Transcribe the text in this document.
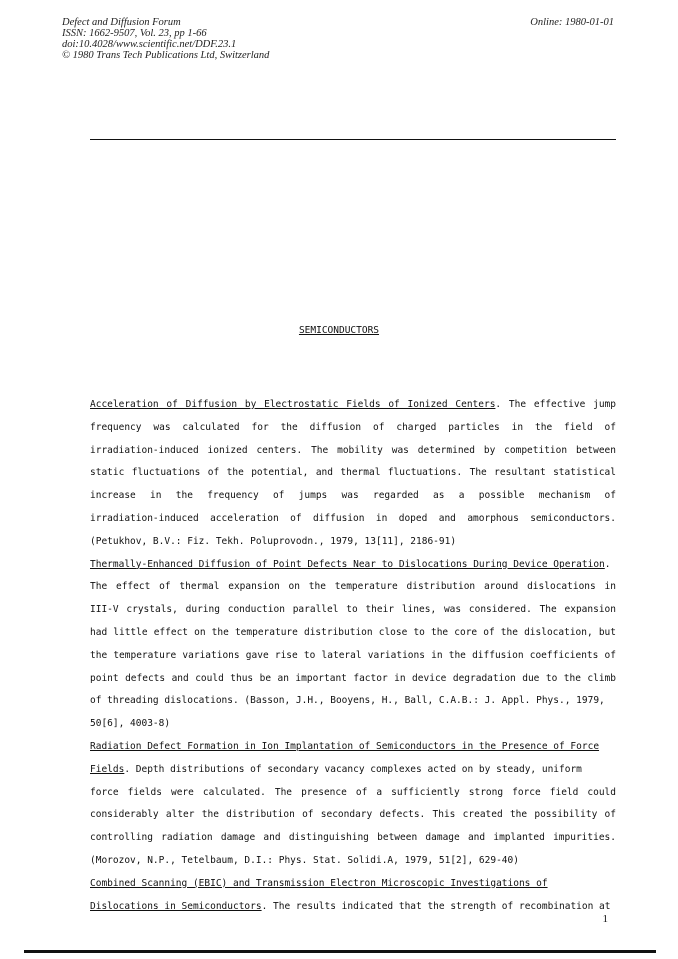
Defect and Diffusion Forum
ISSN: 1662-9507, Vol. 23, pp 1-66
doi:10.4028/www.scientific.net/DDF.23.1
© 1980 Trans Tech Publications Ltd, Switzerland
Online: 1980-01-01
SEMICONDUCTORS
Acceleration of Diffusion by Electrostatic Fields of Ionized Centers. The effective jump
frequency was calculated for the diffusion of charged particles in the field of
irradiation-induced ionized centers. The mobility was determined by competition between
static fluctuations of the potential, and thermal fluctuations. The resultant statistical
increase in the frequency of jumps was regarded as a possible mechanism of
irradiation-induced acceleration of diffusion in doped and amorphous semiconductors.
(Petukhov, B.V.: Fiz. Tekh. Poluprovodn., 1979, 13[11], 2186-91)
Thermally-Enhanced Diffusion of Point Defects Near to Dislocations During Device Operation.
The effect of thermal expansion on the temperature distribution around dislocations in
III-V crystals, during conduction parallel to their lines, was considered. The expansion
had little effect on the temperature distribution close to the core of the dislocation, but
the temperature variations gave rise to lateral variations in the diffusion coefficients of
point defects and could thus be an important factor in device degradation due to the climb
of threading dislocations. (Basson, J.H., Booyens, H., Ball, C.A.B.: J. Appl. Phys., 1979,
50[6], 4003-8)
Radiation Defect Formation in Ion Implantation of Semiconductors in the Presence of Force
Fields. Depth distributions of secondary vacancy complexes acted on by steady, uniform
force fields were calculated. The presence of a sufficiently strong force field could
considerably alter the distribution of secondary defects. This created the possibility of
controlling radiation damage and distinguishing between damage and implanted impurities.
(Morozov, N.P., Tetelbaum, D.I.: Phys. Stat. Solidi.A, 1979, 51[2], 629-40)
Combined Scanning (EBIC) and Transmission Electron Microscopic Investigations of
Dislocations in Semiconductors. The results indicated that the strength of recombination at
1
